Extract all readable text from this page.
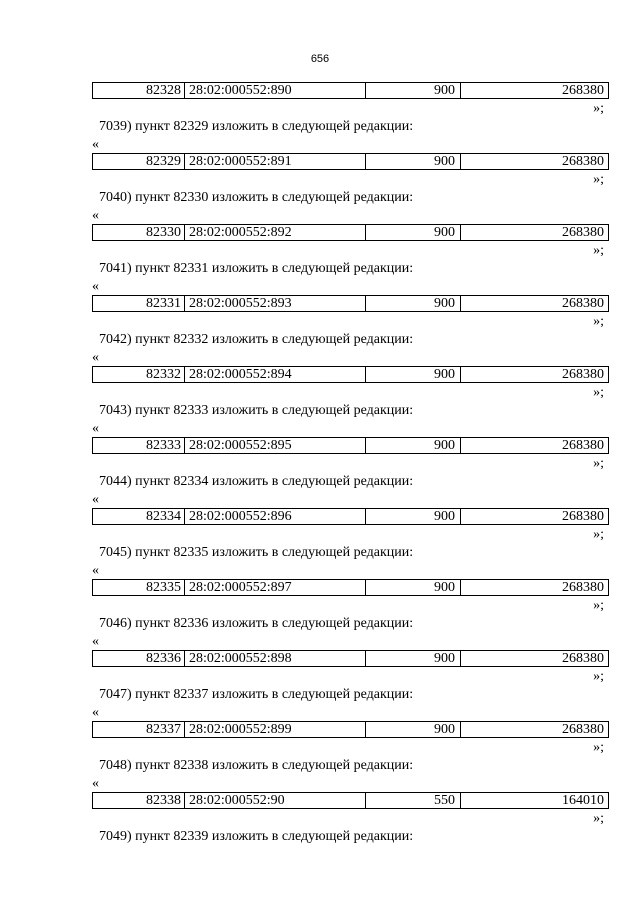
656
82328 28:02:000552:890	900	268380
»;
7039) пункт 82329 изложить в следующей редакции:
«
82329 28:02:000552:891	900	268380
»;
7040) пункт 82330 изложить в следующей редакции:
«
82330 28:02:000552:892	900	268380
»;
7041) пункт 82331 изложить в следующей редакции:
«
82331 28:02:000552:893	900	268380
»;
7042) пункт 82332 изложить в следующей редакции:
«
82332 28:02:000552:894	900	268380
»;
7043) пункт 82333 изложить в следующей редакции:
«
82333 28:02:000552:895	900	268380
»;
7044) пункт 82334 изложить в следующей редакции:
«
82334 28:02:000552:896	900	268380
»;
7045) пункт 82335 изложить в следующей редакции:
«
82335 28:02:000552:897	900	268380
»;
7046) пункт 82336 изложить в следующей редакции:
«
82336 28:02:000552:898	900	268380
»;
7047) пункт 82337 изложить в следующей редакции:
«
82337 28:02:000552:899	900	268380
»;
7048) пункт 82338 изложить в следующей редакции:
«
82338 28:02:000552:90	550	164010
»;
7049) пункт 82339 изложить в следующей редакции:
